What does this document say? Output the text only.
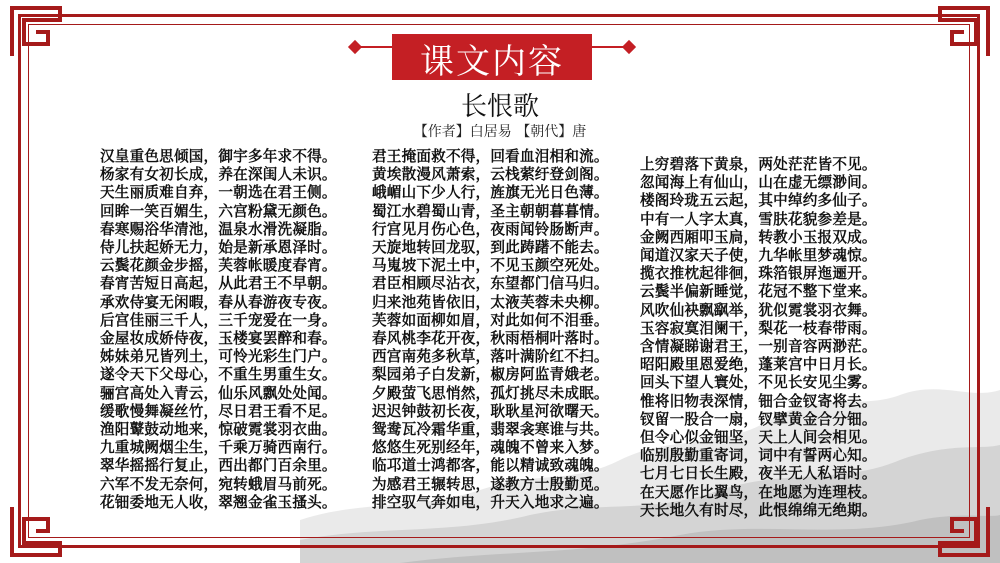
课文内容
长恨歌
【作者】白居易 【朝代】唐
汉皇重色思倾国，御宇多年求不得。
杨家有女初长成，养在深闺人未识。
天生丽质难自弃，一朝选在君王侧。
回眸一笑百媚生，六宫粉黛无颜色。
春寒赐浴华清池，温泉水滑洗凝脂。
侍儿扶起娇无力，始是新承恩泽时。
云鬓花颜金步摇，芙蓉帐暖度春宵。
春宵苦短日高起，从此君王不早朝。
承欢侍宴无闲暇，春从春游夜专夜。
后宫佳丽三千人，三千宠爱在一身。
金屋妆成娇侍夜，玉楼宴罢醉和春。
姊妹弟兄皆列土，可怜光彩生门户。
遂令天下父母心，不重生男重生女。
骊宫高处入青云，仙乐风飘处处闻。
缓歌慢舞凝丝竹，尽日君王看不足。
渔阳鼙鼓动地来，惊破霓裳羽衣曲。
九重城阙烟尘生，千乘万骑西南行。
翠华摇摇行复止，西出都门百余里。
六军不发无奈何，宛转蛾眉马前死。
花钿委地无人收，翠翘金雀玉搔头。
君王掩面救不得，回看血泪相和流。
黄埃散漫风萧索，云栈萦纡登剑阁。
峨嵋山下少人行，旌旗无光日色薄。
蜀江水碧蜀山青，圣主朝朝暮暮情。
行宫见月伤心色，夜雨闻铃肠断声。
天旋地转回龙驭，到此踌躇不能去。
马嵬坡下泥土中，不见玉颜空死处。
君臣相顾尽沾衣，东望都门信马归。
归来池苑皆依旧，太液芙蓉未央柳。
芙蓉如面柳如眉，对此如何不泪垂。
春风桃李花开夜，秋雨梧桐叶落时。
西宫南苑多秋草，落叶满阶红不扫。
梨园弟子白发新，椒房阿监青娥老。
夕殿萤飞思悄然，孤灯挑尽未成眠。
迟迟钟鼓初长夜，耿耿星河欲曙天。
鸳鸯瓦冷霜华重，翡翠衾寒谁与共。
悠悠生死别经年，魂魄不曾来入梦。
临邛道士鸿都客，能以精诚致魂魄。
为感君王辗转思，遂教方士殷勤觅。
排空驭气奔如电，升天入地求之遍。
上穷碧落下黄泉，两处茫茫皆不见。
忽闻海上有仙山，山在虚无缥渺间。
楼阁玲珑五云起，其中绰约多仙子。
中有一人字太真，雪肤花貌参差是。
金阙西厢叩玉扃，转教小玉报双成。
闻道汉家天子使，九华帐里梦魂惊。
揽衣推枕起徘徊，珠箔银屏迤逦开。
云鬓半偏新睡觉，花冠不整下堂来。
风吹仙袂飘飖举，犹似霓裳羽衣舞。
玉容寂寞泪阑干，梨花一枝春带雨。
含情凝睇谢君王，一别音容两渺茫。
昭阳殿里恩爱绝，蓬莱宫中日月长。
回头下望人寰处，不见长安见尘雾。
惟将旧物表深情，钿合金钗寄将去。
钗留一股合一扇，钗擘黄金合分钿。
但令心似金钿坚，天上人间会相见。
临别殷勤重寄词，词中有誓两心知。
七月七日长生殿，夜半无人私语时。
在天愿作比翼鸟，在地愿为连理枝。
天长地久有时尽，此恨绵绵无绝期。
